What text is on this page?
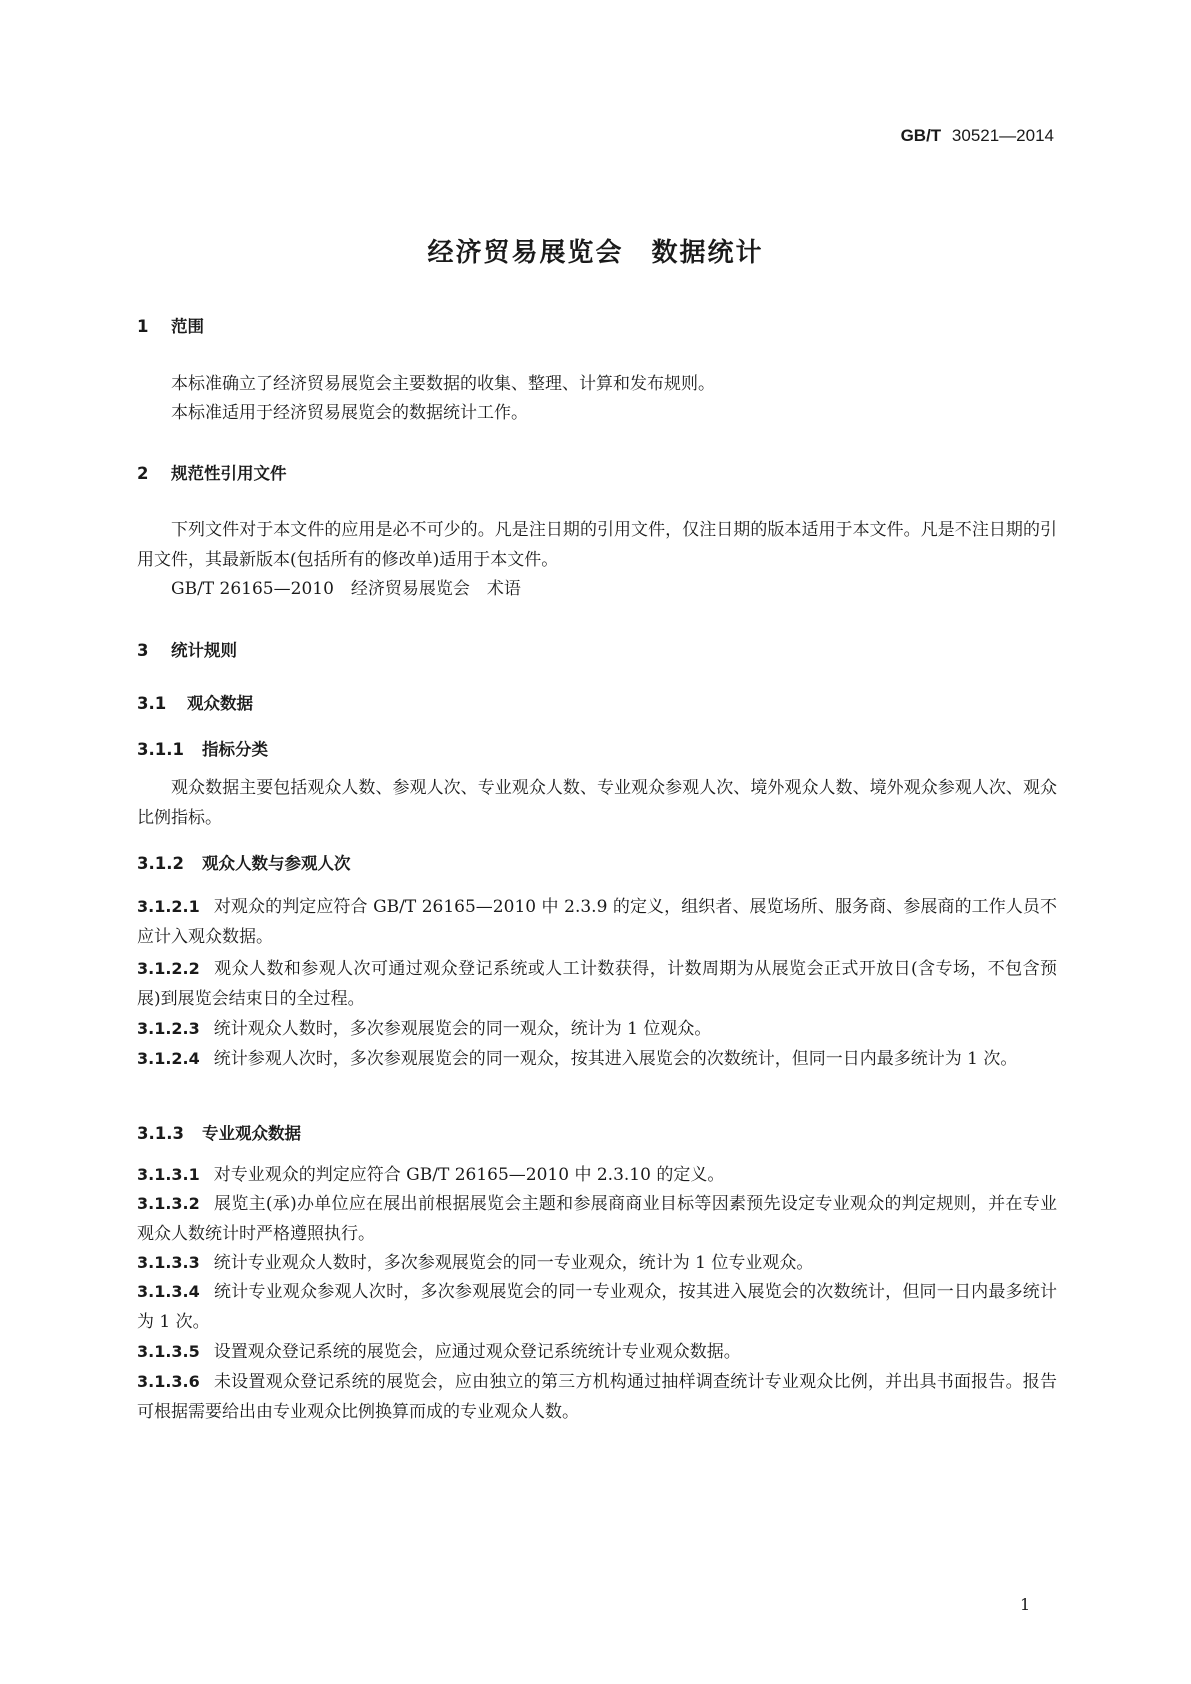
GB/T 30521—2014
经济贸易展览会　数据统计
1 范围
本标准确立了经济贸易展览会主要数据的收集、整理、计算和发布规则。
本标准适用于经济贸易展览会的数据统计工作。
2 规范性引用文件
下列文件对于本文件的应用是必不可少的。凡是注日期的引用文件，仅注日期的版本适用于本文件。凡是不注日期的引用文件，其最新版本(包括所有的修改单)适用于本文件。
GB/T 26165—2010　经济贸易展览会　术语
3 统计规则
3.1 观众数据
3.1.1 指标分类
观众数据主要包括观众人数、参观人次、专业观众人数、专业观众参观人次、境外观众人数、境外观众参观人次、观众比例指标。
3.1.2 观众人数与参观人次
3.1.2.1 对观众的判定应符合 GB/T 26165—2010 中 2.3.9 的定义，组织者、展览场所、服务商、参展商的工作人员不应计入观众数据。
3.1.2.2 观众人数和参观人次可通过观众登记系统或人工计数获得，计数周期为从展览会正式开放日(含专场，不包含预展)到展览会结束日的全过程。
3.1.2.3 统计观众人数时，多次参观展览会的同一观众，统计为 1 位观众。
3.1.2.4 统计参观人次时，多次参观展览会的同一观众，按其进入展览会的次数统计，但同一日内最多统计为 1 次。
3.1.3 专业观众数据
3.1.3.1 对专业观众的判定应符合 GB/T 26165—2010 中 2.3.10 的定义。
3.1.3.2 展览主(承)办单位应在展出前根据展览会主题和参展商商业目标等因素预先设定专业观众的判定规则，并在专业观众人数统计时严格遵照执行。
3.1.3.3 统计专业观众人数时，多次参观展览会的同一专业观众，统计为 1 位专业观众。
3.1.3.4 统计专业观众参观人次时，多次参观展览会的同一专业观众，按其进入展览会的次数统计，但同一日内最多统计为 1 次。
3.1.3.5 设置观众登记系统的展览会，应通过观众登记系统统计专业观众数据。
3.1.3.6 未设置观众登记系统的展览会，应由独立的第三方机构通过抽样调查统计专业观众比例，并出具书面报告。报告可根据需要给出由专业观众比例换算而成的专业观众人数。
1
